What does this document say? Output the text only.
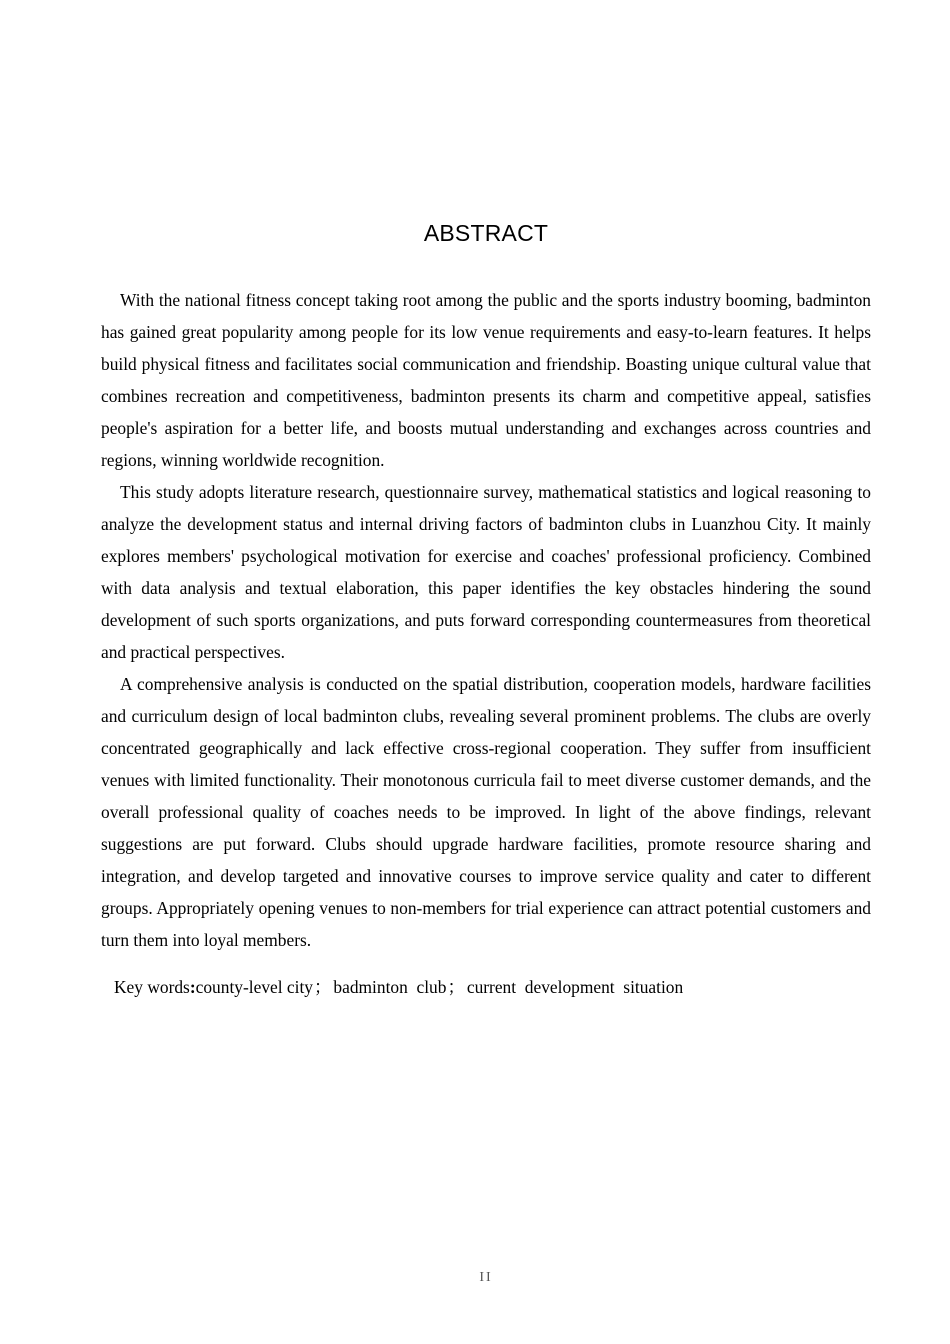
ABSTRACT

With the national fitness concept taking root among the public and the sports industry booming, badminton has gained great popularity among people for its low venue requirements and easy-to-learn features. It helps build physical fitness and facilitates social communication and friendship. Boasting unique cultural value that combines recreation and competitiveness, badminton presents its charm and competitive appeal, satisfies people's aspiration for a better life, and boosts mutual understanding and exchanges across countries and regions, winning worldwide recognition.

This study adopts literature research, questionnaire survey, mathematical statistics and logical reasoning to analyze the development status and internal driving factors of badminton clubs in Luanzhou City. It mainly explores members' psychological motivation for exercise and coaches' professional proficiency. Combined with data analysis and textual elaboration, this paper identifies the key obstacles hindering the sound development of such sports organizations, and puts forward corresponding countermeasures from theoretical and practical perspectives.

A comprehensive analysis is conducted on the spatial distribution, cooperation models, hardware facilities and curriculum design of local badminton clubs, revealing several prominent problems. The clubs are overly concentrated geographically and lack effective cross-regional cooperation. They suffer from insufficient venues with limited functionality. Their monotonous curricula fail to meet diverse customer demands, and the overall professional quality of coaches needs to be improved. In light of the above findings, relevant suggestions are put forward. Clubs should upgrade hardware facilities, promote resource sharing and integration, and develop targeted and innovative courses to improve service quality and cater to different groups. Appropriately opening venues to non-members for trial experience can attract potential customers and turn them into loyal members.

Key words:county-level city； badminton  club； current  development  situation
II
